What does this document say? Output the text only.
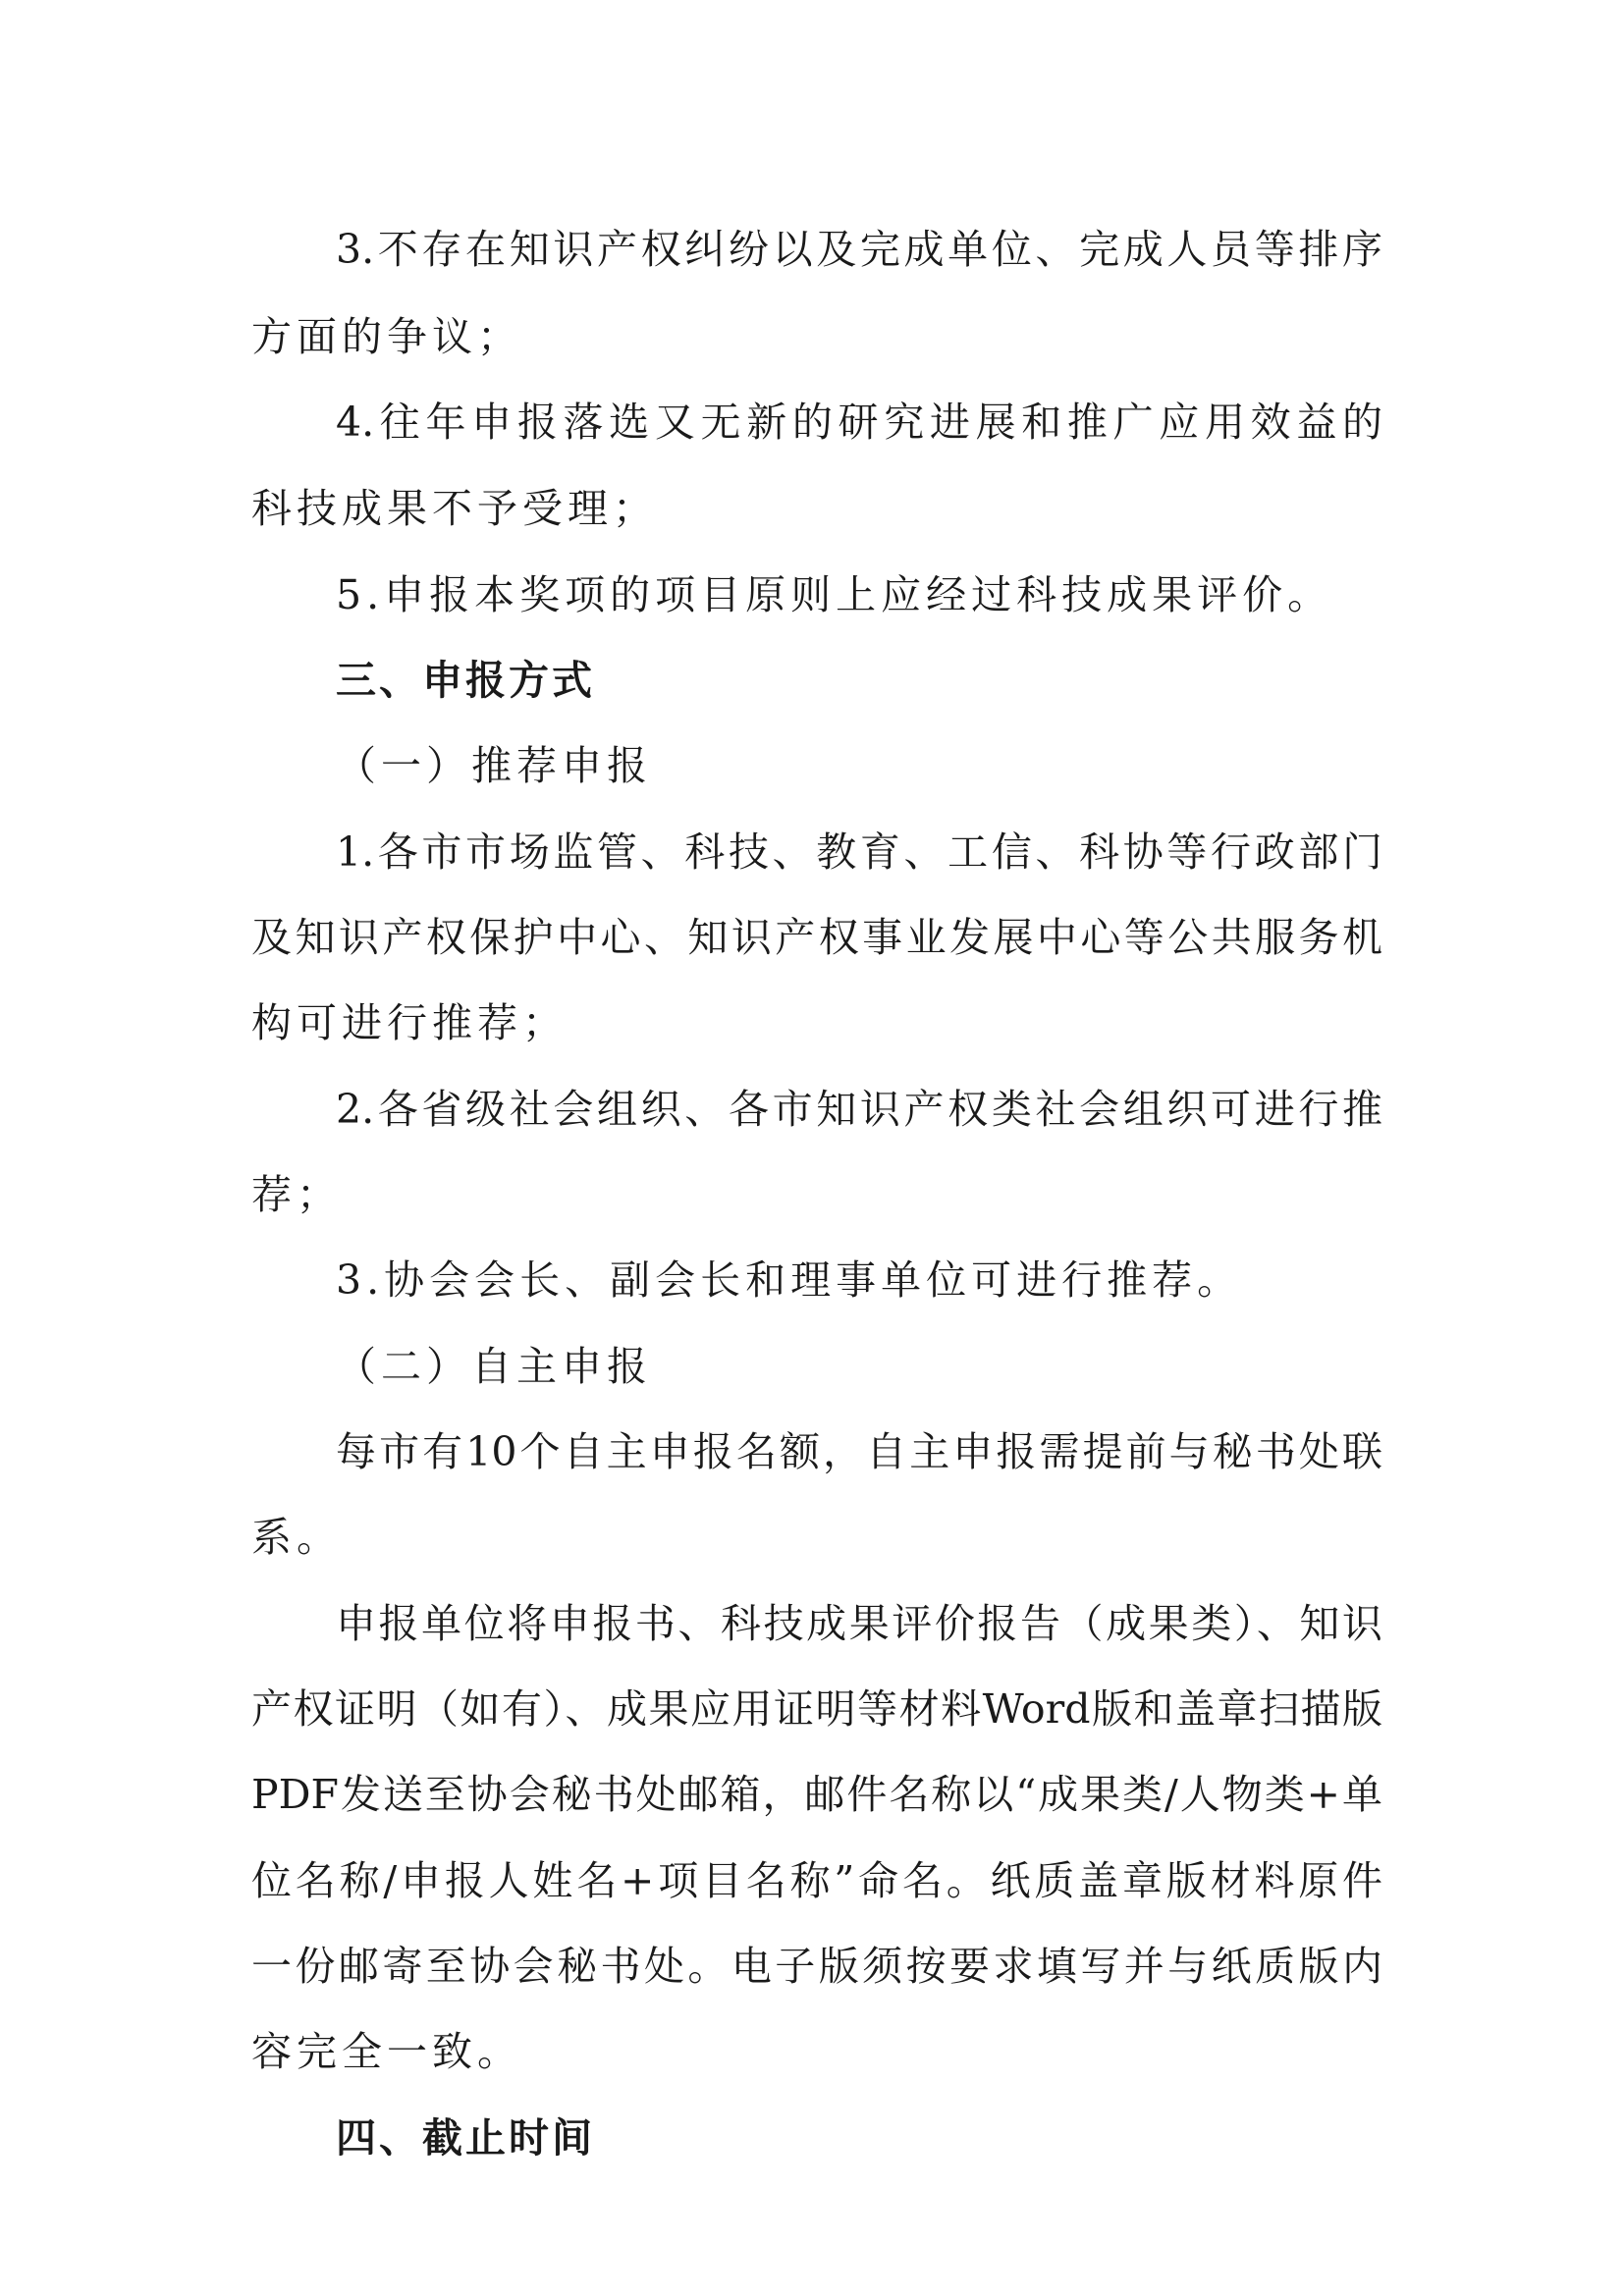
3.不存在知识产权纠纷以及完成单位、完成人员等排序
方面的争议；
4.往年申报落选又无新的研究进展和推广应用效益的
科技成果不予受理；
5.申报本奖项的项目原则上应经过科技成果评价。
三、申报方式
（一）推荐申报
1.各市市场监管、科技、教育、工信、科协等行政部门
及知识产权保护中心、知识产权事业发展中心等公共服务机
构可进行推荐；
2.各省级社会组织、各市知识产权类社会组织可进行推
荐；
3.协会会长、副会长和理事单位可进行推荐。
（二）自主申报
每市有10个自主申报名额，自主申报需提前与秘书处联
系。
申报单位将申报书、科技成果评价报告（成果类）、知识
产权证明（如有）、成果应用证明等材料Word版和盖章扫描版
PDF发送至协会秘书处邮箱，邮件名称以“成果类/人物类+单
位名称/申报人姓名+项目名称”命名。纸质盖章版材料原件
一份邮寄至协会秘书处。电子版须按要求填写并与纸质版内
容完全一致。
四、截止时间
